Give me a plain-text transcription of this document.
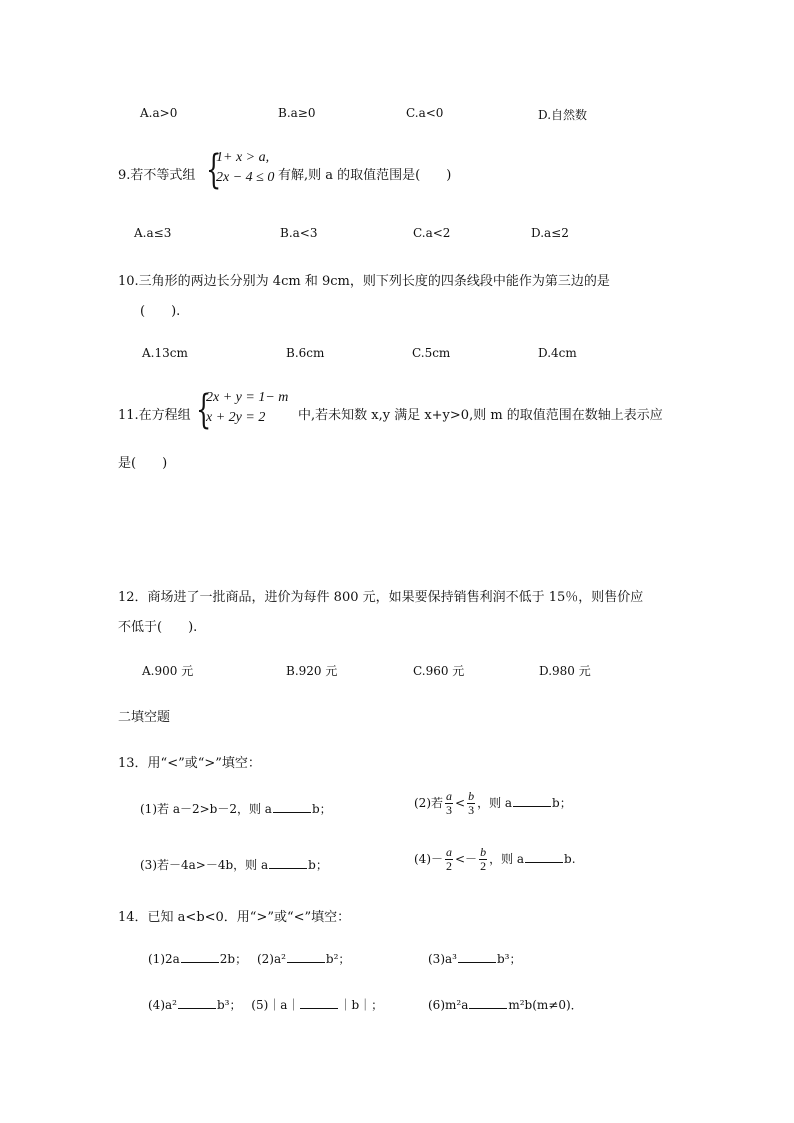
A.a>0	B.a≥0	C.a<0	D.自然数
9.若不等式组 {
1+ x > a,
2x − 4 ≤ 0 有解,则 a 的取值范围是(　　)
A.a≤3	B.a<3	C.a<2	D.a≤2
10.三角形的两边长分别为 4cm 和 9cm，则下列长度的四条线段中能作为第三边的是
(　　).
A.13cm	B.6cm	C.5cm	D.4cm
11.在方程组 {
2x + y = 1− m
x + 2y = 2	中,若未知数 x,y 满足 x+y>0,则 m 的取值范围在数轴上表示应
是(　　)
12．商场进了一批商品，进价为每件 800 元，如果要保持销售利润不低于 15％，则售价应
不低于(　　).
A.900 元	B.920 元	C.960 元	D.980 元
二填空题
13．用“<”或“>”填空：
(1)若 a－2>b－2，则 a	b；	(2)若 $\frac{a}{3} < \frac{b}{3}$ ，则 a	b；
(3)若－4a>－4b，则 a	b；	$(4)- \frac{a}{2} <- \frac{b}{2}$ ，则 a	b.
14．已知 a<b<0．用“>”或“<”填空：
(1)2a	2b； (2)a²	b²；	(3)a³	b³；
(4)a²	b³； (5)｜a｜	｜b｜；	(6)m²a	m²b(m≠0)．
